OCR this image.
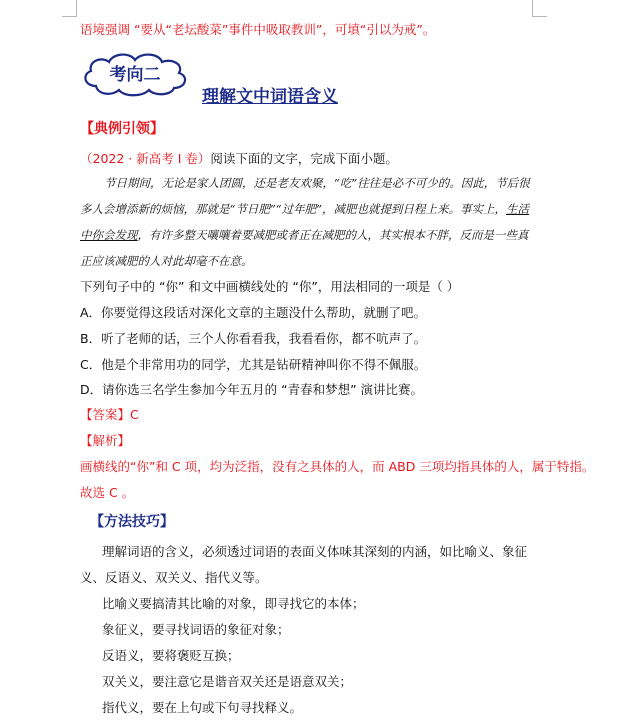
语境强调 “要从“老坛酸菜”事件中吸取教训”，可填“引以为戒”。
考向二
理解文中词语含义
【典例引领】
（2022 · 新高考 Ⅰ 卷）阅读下面的文字，完成下面小题。

节日期间，无论是家人团圆，还是老友欢聚，“吃”往往是必不可少的。因此，节后很多人会增添新的烦恼，那就是“节日肥”“过年肥”，减肥也就提到日程上来。事实上，生活中你会发现，有许多整天嚷嚷着要减肥或者正在减肥的人，其实根本不胖，反而是一些真正应该减肥的人对此却毫不在意。

下列句子中的 “你” 和文中画横线处的 “你”，用法相同的一项是（ ）
A．你要觉得这段话对深化文章的主题没什么帮助，就删了吧。
B．听了老师的话，三个人你看看我，我看看你，都不吭声了。
C．他是个非常用功的同学，尤其是钻研精神叫你不得不佩服。
D．请你选三名学生参加今年五月的 “青春和梦想” 演讲比赛。
【答案】C
【解析】
画横线的“你”和 C 项，均为泛指，没有之具体的人，而 ABD 三项均指具体的人，属于特指。
故选 C 。
【方法技巧】

理解词语的含义，必须透过词语的表面义体味其深刻的内涵，如比喻义、象征义、反语义、双关义、指代义等。

比喻义要搞清其比喻的对象，即寻找它的本体；

象征义，要寻找词语的象征对象；

反语义，要将褒贬互换；

双关义，要注意它是谐音双关还是语意双关；

指代义，要在上句或下句寻找释义。
